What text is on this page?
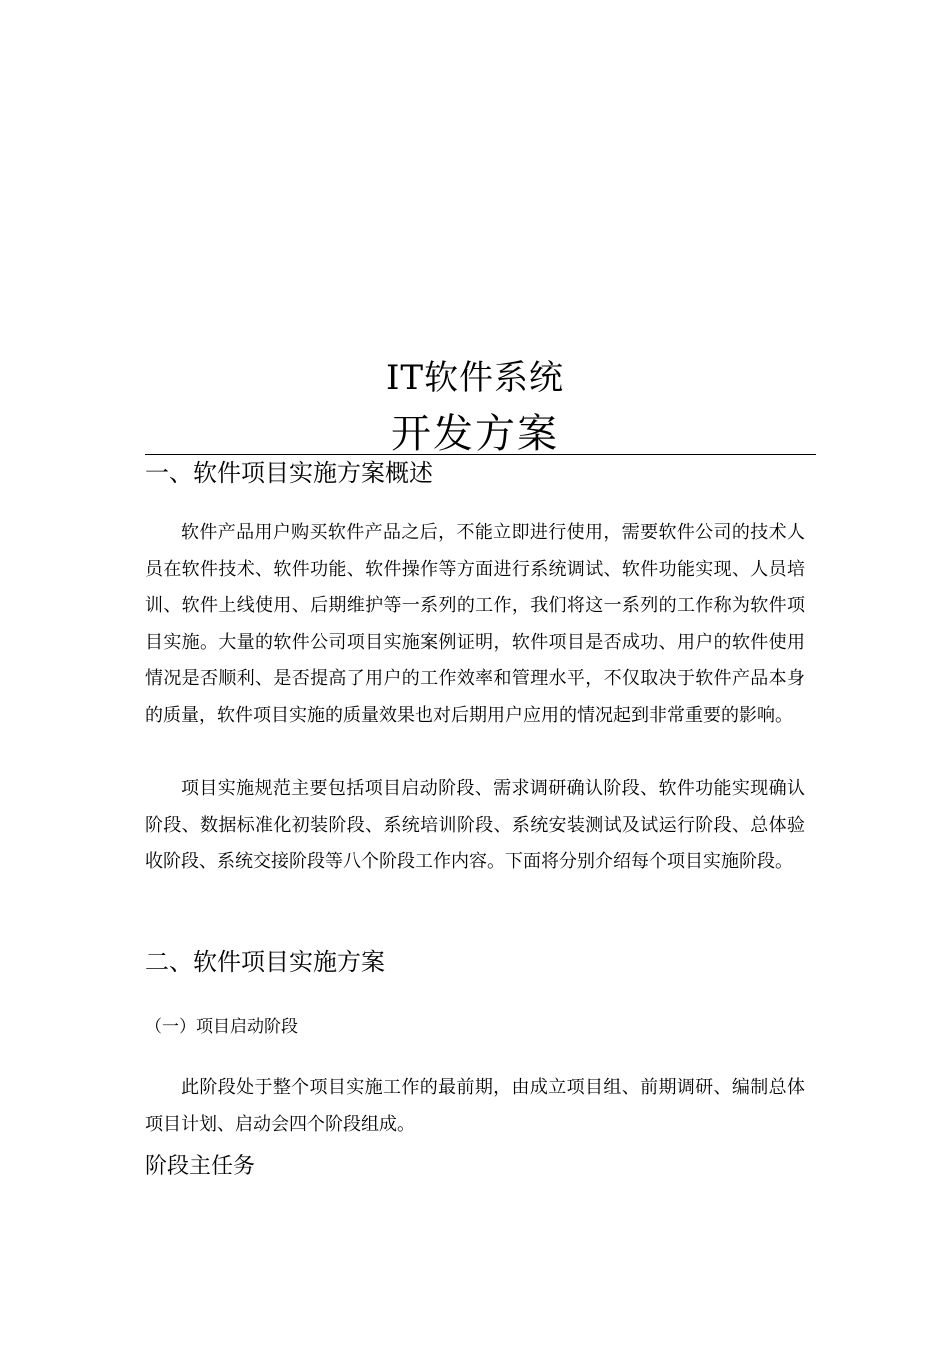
IT软件系统
开发方案
一、软件项目实施方案概述

软件产品用户购买软件产品之后，不能立即进行使用，需要软件公司的技术人员在软件技术、软件功能、软件操作等方面进行系统调试、软件功能实现、人员培训、软件上线使用、后期维护等一系列的工作，我们将这一系列的工作称为软件项目实施。大量的软件公司项目实施案例证明，软件项目是否成功、用户的软件使用情况是否顺利、是否提高了用户的工作效率和管理水平，不仅取决于软件产品本身的质量，软件项目实施的质量效果也对后期用户应用的情况起到非常重要的影响。

项目实施规范主要包括项目启动阶段、需求调研确认阶段、软件功能实现确认阶段、数据标准化初装阶段、系统培训阶段、系统安装测试及试运行阶段、总体验收阶段、系统交接阶段等八个阶段工作内容。下面将分别介绍每个项目实施阶段。

二、软件项目实施方案
（一）项目启动阶段

此阶段处于整个项目实施工作的最前期，由成立项目组、前期调研、编制总体项目计划、启动会四个阶段组成。

阶段主任务
